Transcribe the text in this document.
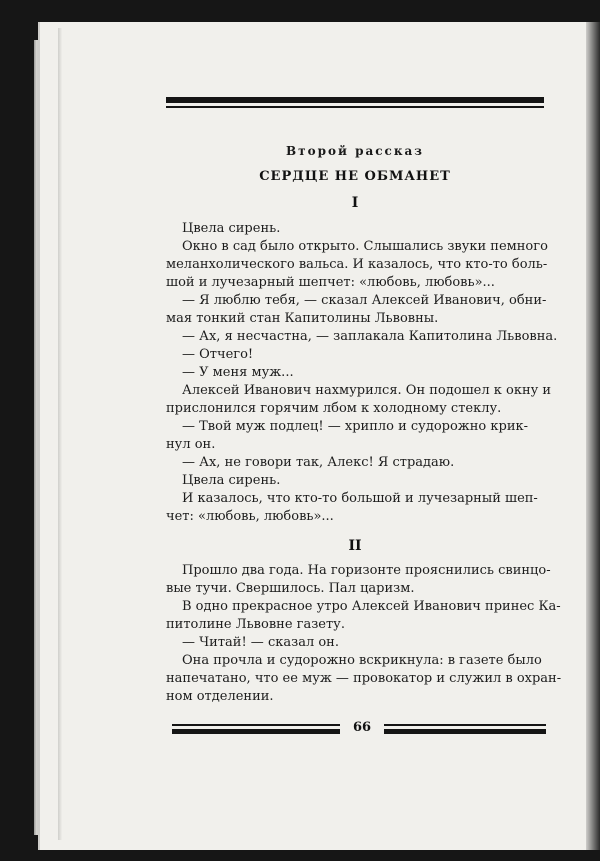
Второй рассказ
СЕРДЦЕ НЕ ОБМАНЕТ
I
Цвела сирень.
Окно в сад было открыто. Слышались звуки пемного
меланхолического вальса. И казалось, что кто-то боль-
шой и лучезарный шепчет: «любовь, любовь»...
— Я люблю тебя, — сказал Алексей Иванович, обни-
мая тонкий стан Капитолины Львовны.
— Ах, я несчастна, — заплакала Капитолина Львовна.
— Отчего!
— У меня муж...
Алексей Иванович нахмурился. Он подошел к окну и
прислонился горячим лбом к холодному стеклу.
— Твой муж подлец! — хрипло и судорожно крик-
нул он.
— Ах, не говори так, Алекс! Я страдаю.
Цвела сирень.
И казалось, что кто-то большой и лучезарный шеп-
чет: «любовь, любовь»...
II
Прошло два года. На горизонте прояснились свинцо-
вые тучи. Свершилось. Пал царизм.
В одно прекрасное утро Алексей Иванович принес Ка-
питолине Львовне газету.
— Читай! — сказал он.
Она прочла и судорожно вскрикнула: в газете было
напечатано, что ее муж — провокатор и служил в охран-
ном отделении.
66
